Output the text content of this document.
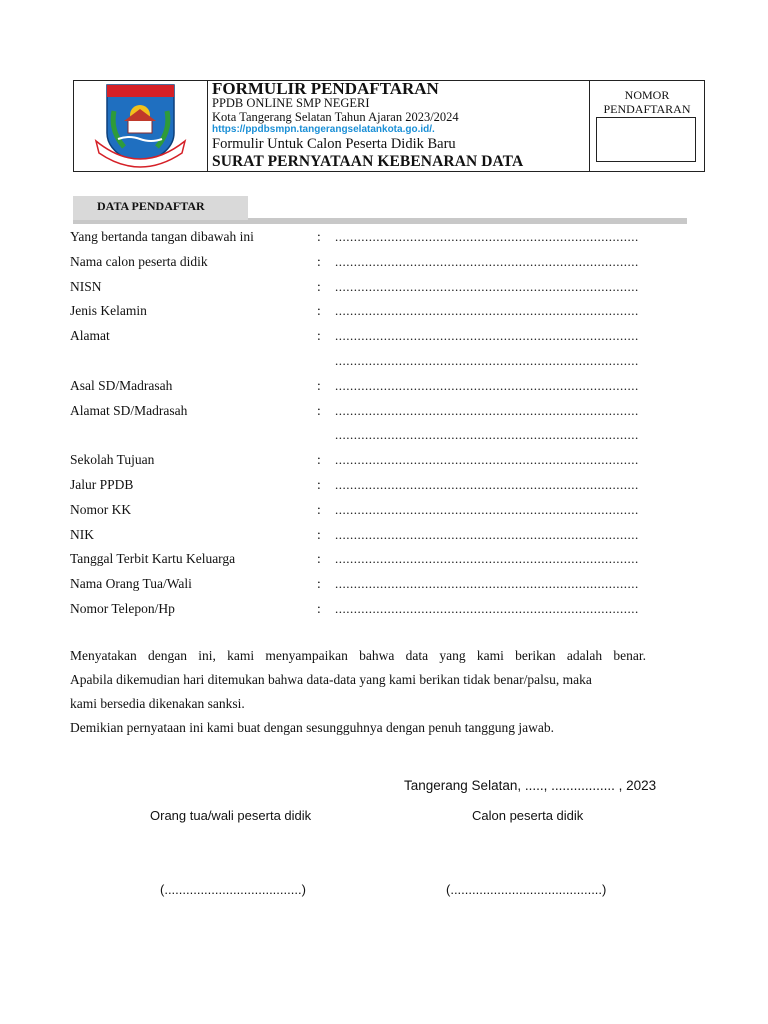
FORMULIR PENDAFTARAN
PPDB ONLINE SMP NEGERI
Kota Tangerang Selatan Tahun Ajaran 2023/2024
https://ppdbsmpn.tangerangselatankota.go.id/.
Formulir Untuk Calon Peserta Didik Baru
SURAT PERNYATAAN KEBENARAN DATA
NOMOR PENDAFTARAN
DATA PENDAFTAR
Yang bertanda tangan dibawah ini	: .................................................................................
Nama calon peserta didik	: .................................................................................
NISN	: .................................................................................
Jenis Kelamin	: .................................................................................
Alamat	: .................................................................................
.................................................................................
Asal SD/Madrasah	: .................................................................................
Alamat SD/Madrasah	: .................................................................................
.................................................................................
Sekolah Tujuan	: .................................................................................
Jalur PPDB	: .................................................................................
Nomor KK	: .................................................................................
NIK	: .................................................................................
Tanggal Terbit Kartu Keluarga	: .................................................................................
Nama Orang Tua/Wali	: .................................................................................
Nomor Telepon/Hp	: .................................................................................
Menyatakan dengan ini, kami menyampaikan bahwa data yang kami berikan adalah benar.
Apabila dikemudian hari ditemukan bahwa data-data yang kami berikan tidak benar/palsu, maka
kami bersedia dikenakan sanksi.
Demikian pernyataan ini kami buat dengan sesungguhnya dengan penuh tanggung jawab.
Tangerang Selatan, ....., ................. , 2023
Orang tua/wali peserta didik	Calon peserta didik
(......................................)	(..........................................)
